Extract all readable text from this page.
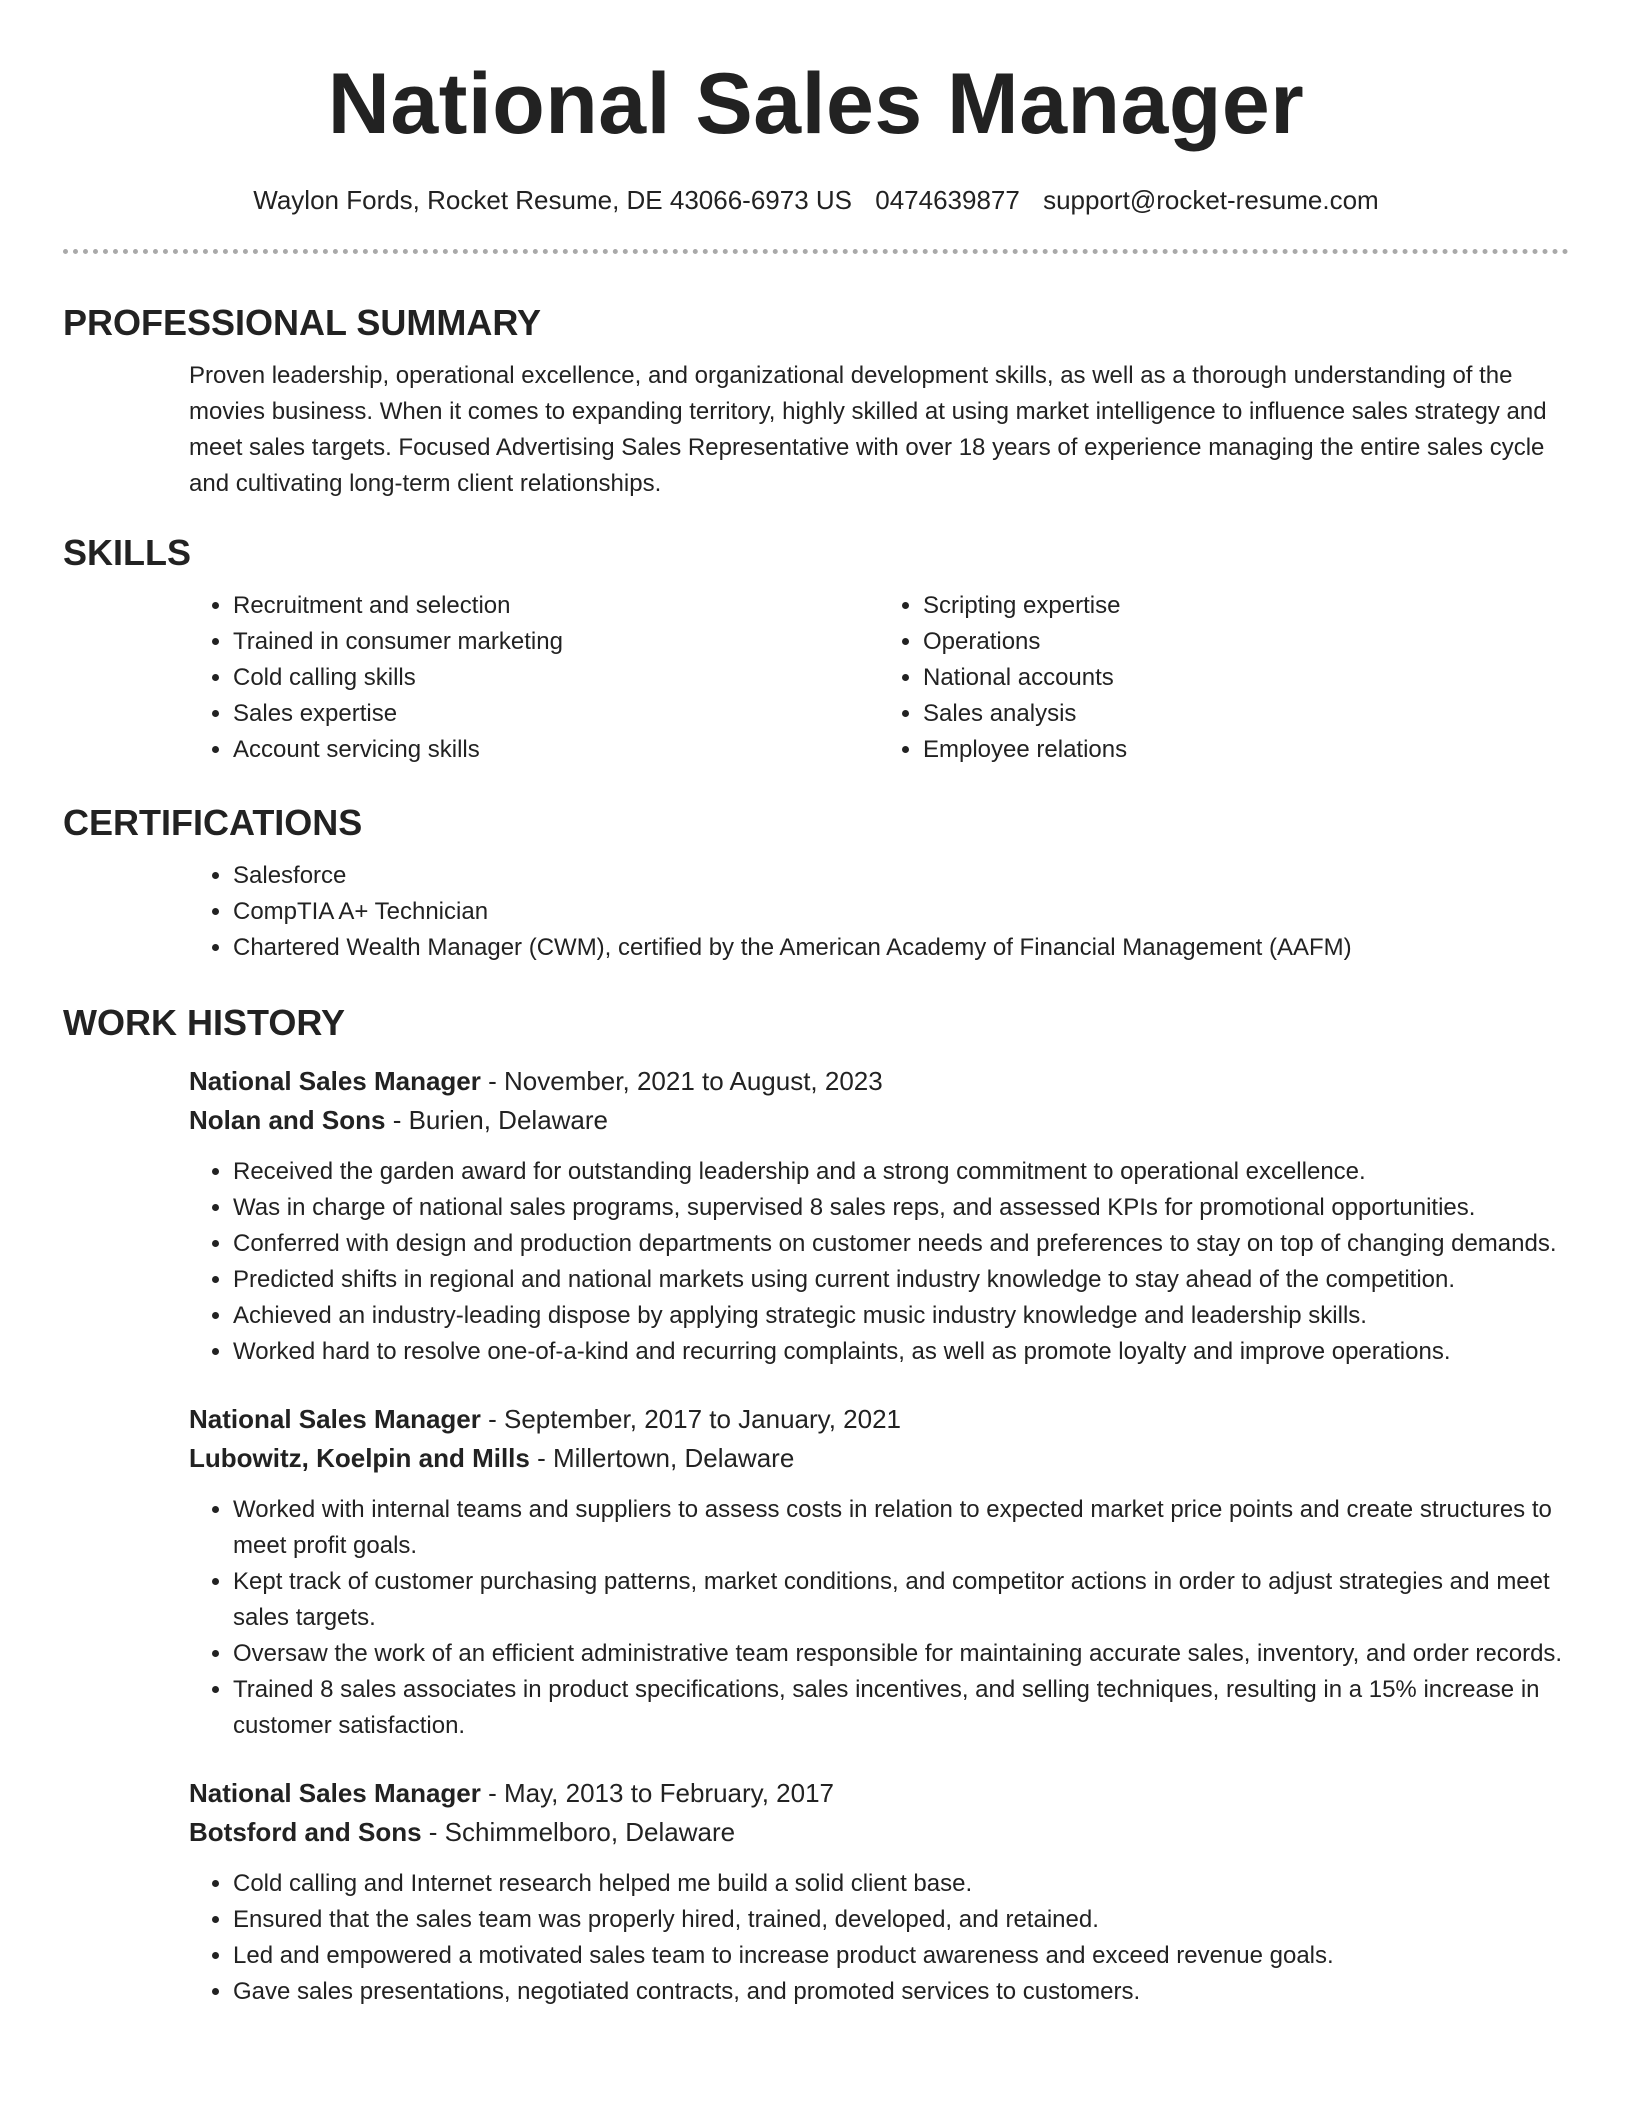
National Sales Manager
Waylon Fords, Rocket Resume, DE 43066-6973 US 0474639877 support@rocket-resume.com
PROFESSIONAL SUMMARY
Proven leadership, operational excellence, and organizational development skills, as well as a thorough understanding of the movies business. When it comes to expanding territory, highly skilled at using market intelligence to influence sales strategy and meet sales targets. Focused Advertising Sales Representative with over 18 years of experience managing the entire sales cycle and cultivating long-term client relationships.
SKILLS
• Recruitment and selection
• Trained in consumer marketing
• Cold calling skills
• Sales expertise
• Account servicing skills
• Scripting expertise
• Operations
• National accounts
• Sales analysis
• Employee relations
CERTIFICATIONS
• Salesforce
• CompTIA A+ Technician
• Chartered Wealth Manager (CWM), certified by the American Academy of Financial Management (AAFM)
WORK HISTORY
National Sales Manager - November, 2021 to August, 2023
Nolan and Sons - Burien, Delaware
• Received the garden award for outstanding leadership and a strong commitment to operational excellence.
• Was in charge of national sales programs, supervised 8 sales reps, and assessed KPIs for promotional opportunities.
• Conferred with design and production departments on customer needs and preferences to stay on top of changing demands.
• Predicted shifts in regional and national markets using current industry knowledge to stay ahead of the competition.
• Achieved an industry-leading dispose by applying strategic music industry knowledge and leadership skills.
• Worked hard to resolve one-of-a-kind and recurring complaints, as well as promote loyalty and improve operations.
National Sales Manager - September, 2017 to January, 2021
Lubowitz, Koelpin and Mills - Millertown, Delaware
• Worked with internal teams and suppliers to assess costs in relation to expected market price points and create structures to meet profit goals.
• Kept track of customer purchasing patterns, market conditions, and competitor actions in order to adjust strategies and meet sales targets.
• Oversaw the work of an efficient administrative team responsible for maintaining accurate sales, inventory, and order records.
• Trained 8 sales associates in product specifications, sales incentives, and selling techniques, resulting in a 15% increase in customer satisfaction.
National Sales Manager - May, 2013 to February, 2017
Botsford and Sons - Schimmelboro, Delaware
• Cold calling and Internet research helped me build a solid client base.
• Ensured that the sales team was properly hired, trained, developed, and retained.
• Led and empowered a motivated sales team to increase product awareness and exceed revenue goals.
• Gave sales presentations, negotiated contracts, and promoted services to customers.
